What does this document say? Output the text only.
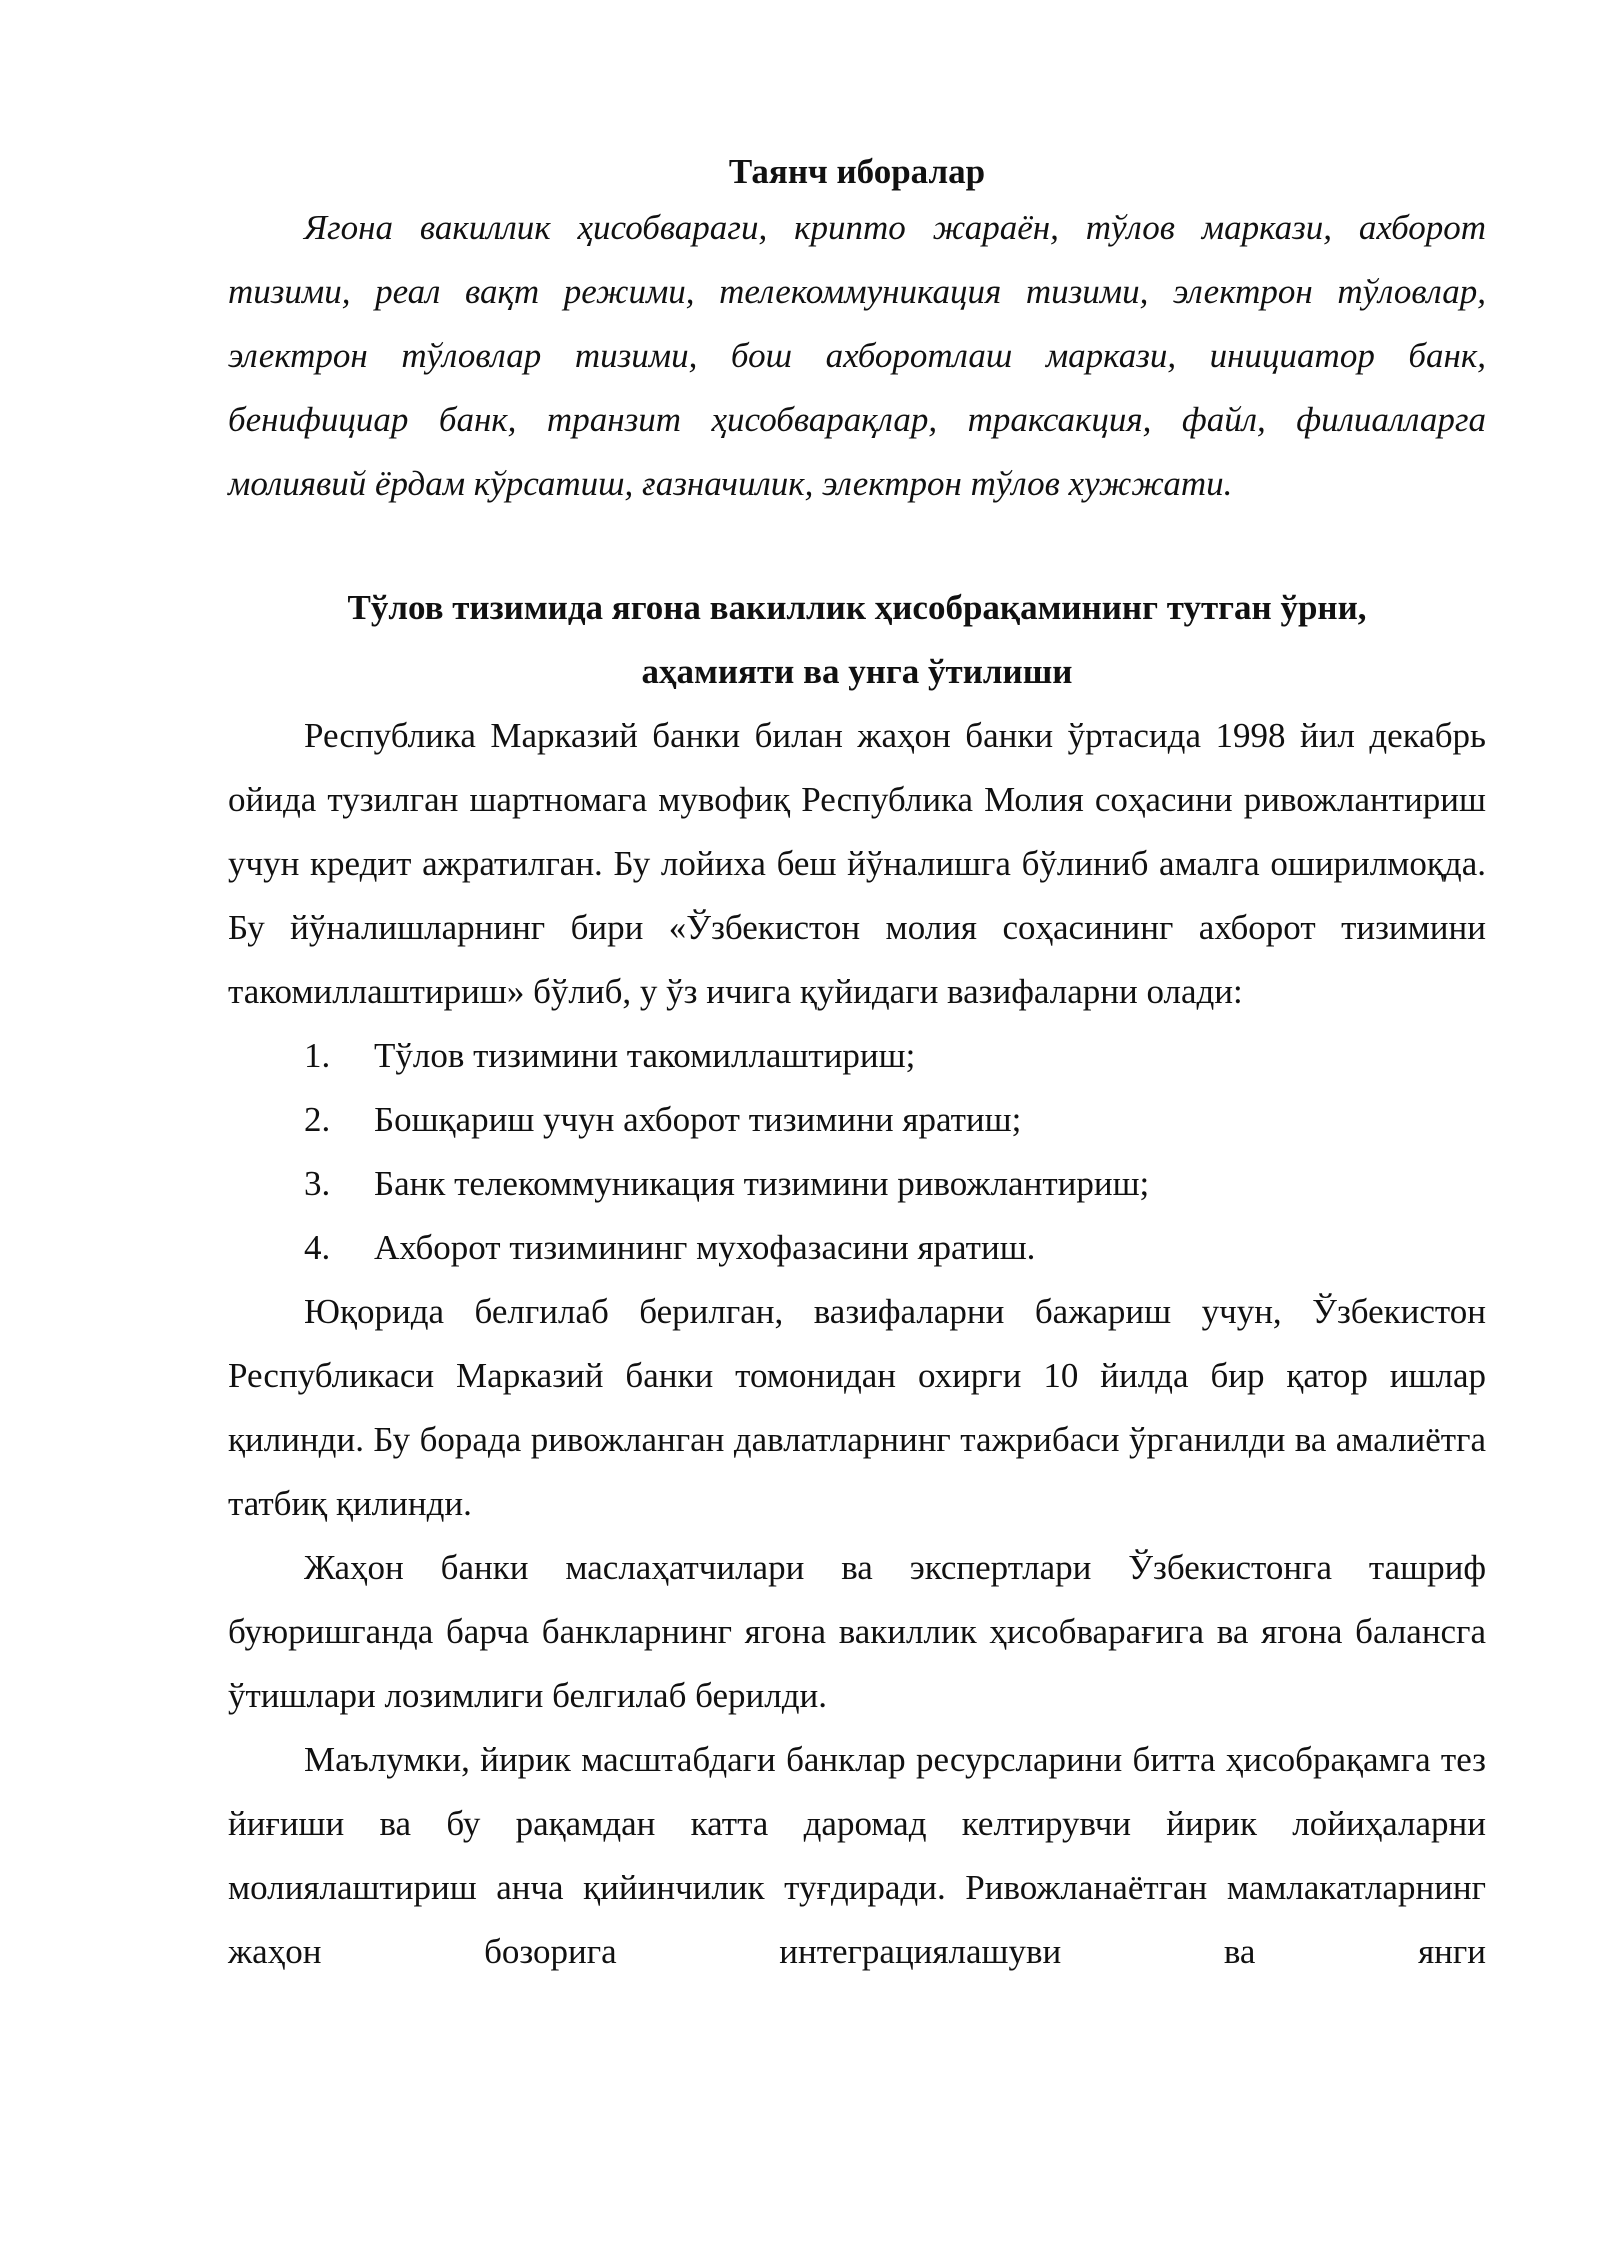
Таянч иборалар

Ягона вакиллик ҳисобвараги, крипто жараён, тўлов маркази, ахборот тизими, реал вақт режими, телекоммуникация тизими, электрон тўловлар, электрон тўловлар тизими, бош ахборотлаш маркази, инициатор банк, бенифициар банк, транзит ҳисобварақлар, траксакция, файл, филиалларга молиявий ёрдам кўрсатиш, ғазначилик, электрон тўлов хужжати.

Тўлов тизимида ягона вакиллик ҳисобрақамининг тутган ўрни,

аҳамияти ва унга ўтилиши

Республика Марказий банки билан жаҳон банки ўртасида 1998 йил декабрь ойида тузилган шартномага мувофиқ Республика Молия соҳасини ривожлантириш учун кредит ажратилган. Бу лойиха беш йўналишга бўлиниб амалга оширилмоқда. Бу йўналишларнинг бири «Ўзбекистон молия соҳасининг ахборот тизимини такомиллаштириш» бўлиб, у ўз ичига қуйидаги вазифаларни олади:

1.	Тўлов тизимини такомиллаштириш;
2.	Бошқариш учун ахборот тизимини яратиш;
3.	Банк телекоммуникация тизимини ривожлантириш;
4.	Ахборот тизимининг мухофазасини яратиш.

Юқорида белгилаб берилган, вазифаларни бажариш учун, Ўзбекистон Республикаси Марказий банки томонидан охирги 10 йилда бир қатор ишлар қилинди. Бу борада ривожланган давлатларнинг тажрибаси ўрганилди ва амалиётга татбиқ қилинди.

Жаҳон банки маслаҳатчилари ва экспертлари Ўзбекистонга ташриф буюришганда барча банкларнинг ягона вакиллик ҳисобварағига ва ягона балансга ўтишлари лозимлиги белгилаб берилди.

Маълумки, йирик масштабдаги банклар ресурсларини битта ҳисобрақамга тез йиғиши ва бу рақамдан катта даромад келтирувчи йирик лойиҳаларни молиялаштириш анча қийинчилик туғдиради. Ривожланаётган мамлакатларнинг жаҳон бозорига интеграциялашуви ва янги
